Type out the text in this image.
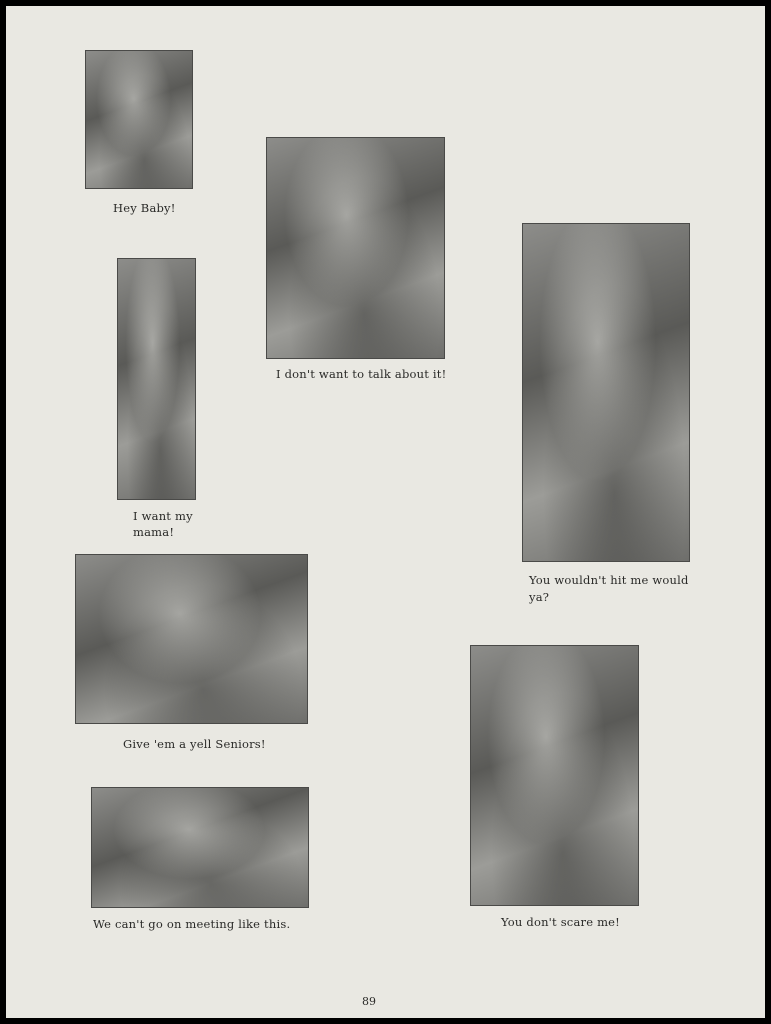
Hey Baby!
I don't want to talk about it!
I want my
mama!
You wouldn't hit me would
ya?
Give 'em a yell Seniors!
You don't scare me!
We can't go on meeting like this.
89
